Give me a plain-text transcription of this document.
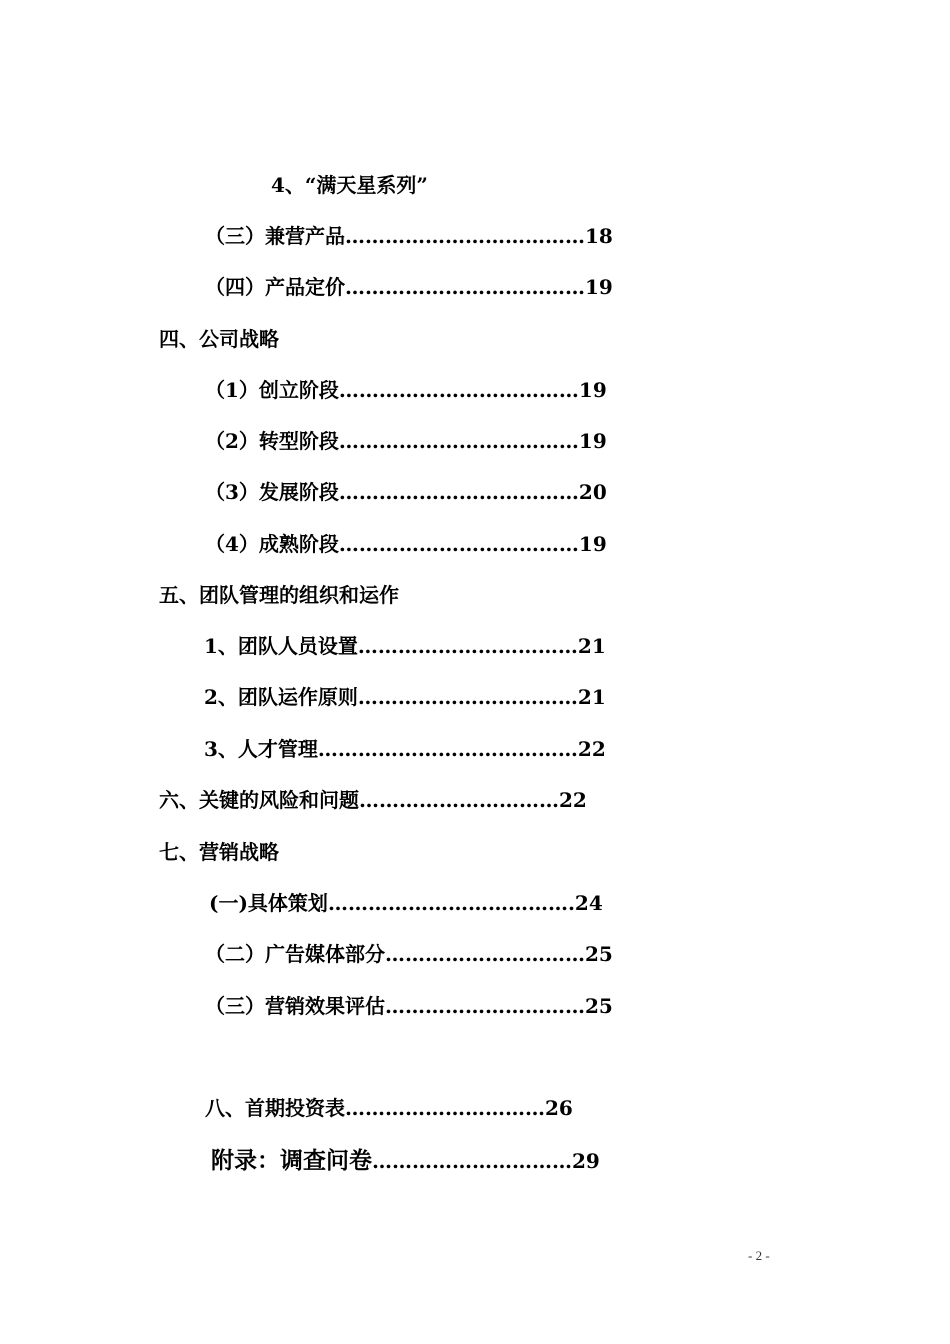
4、“满天星系列”
（三）兼营产品………………………………18
（四）产品定价………………………………19
四、公司战略
（1）创立阶段………………………………19
（2）转型阶段………………………………19
（3）发展阶段………………………………20
（4）成熟阶段………………………………19
五、团队管理的组织和运作
1、团队人员设置……………………………21
2、团队运作原则……………………………21
3、人才管理…………………………………22
六、关键的风险和问题…………………………22
七、营销战略
(一)具体策划……………………………….24
（二）广告媒体部分…………………………25
（三）营销效果评估…………………………25
八、首期投资表…………………………26
附录：调查问卷…………………………29
- 2 -
